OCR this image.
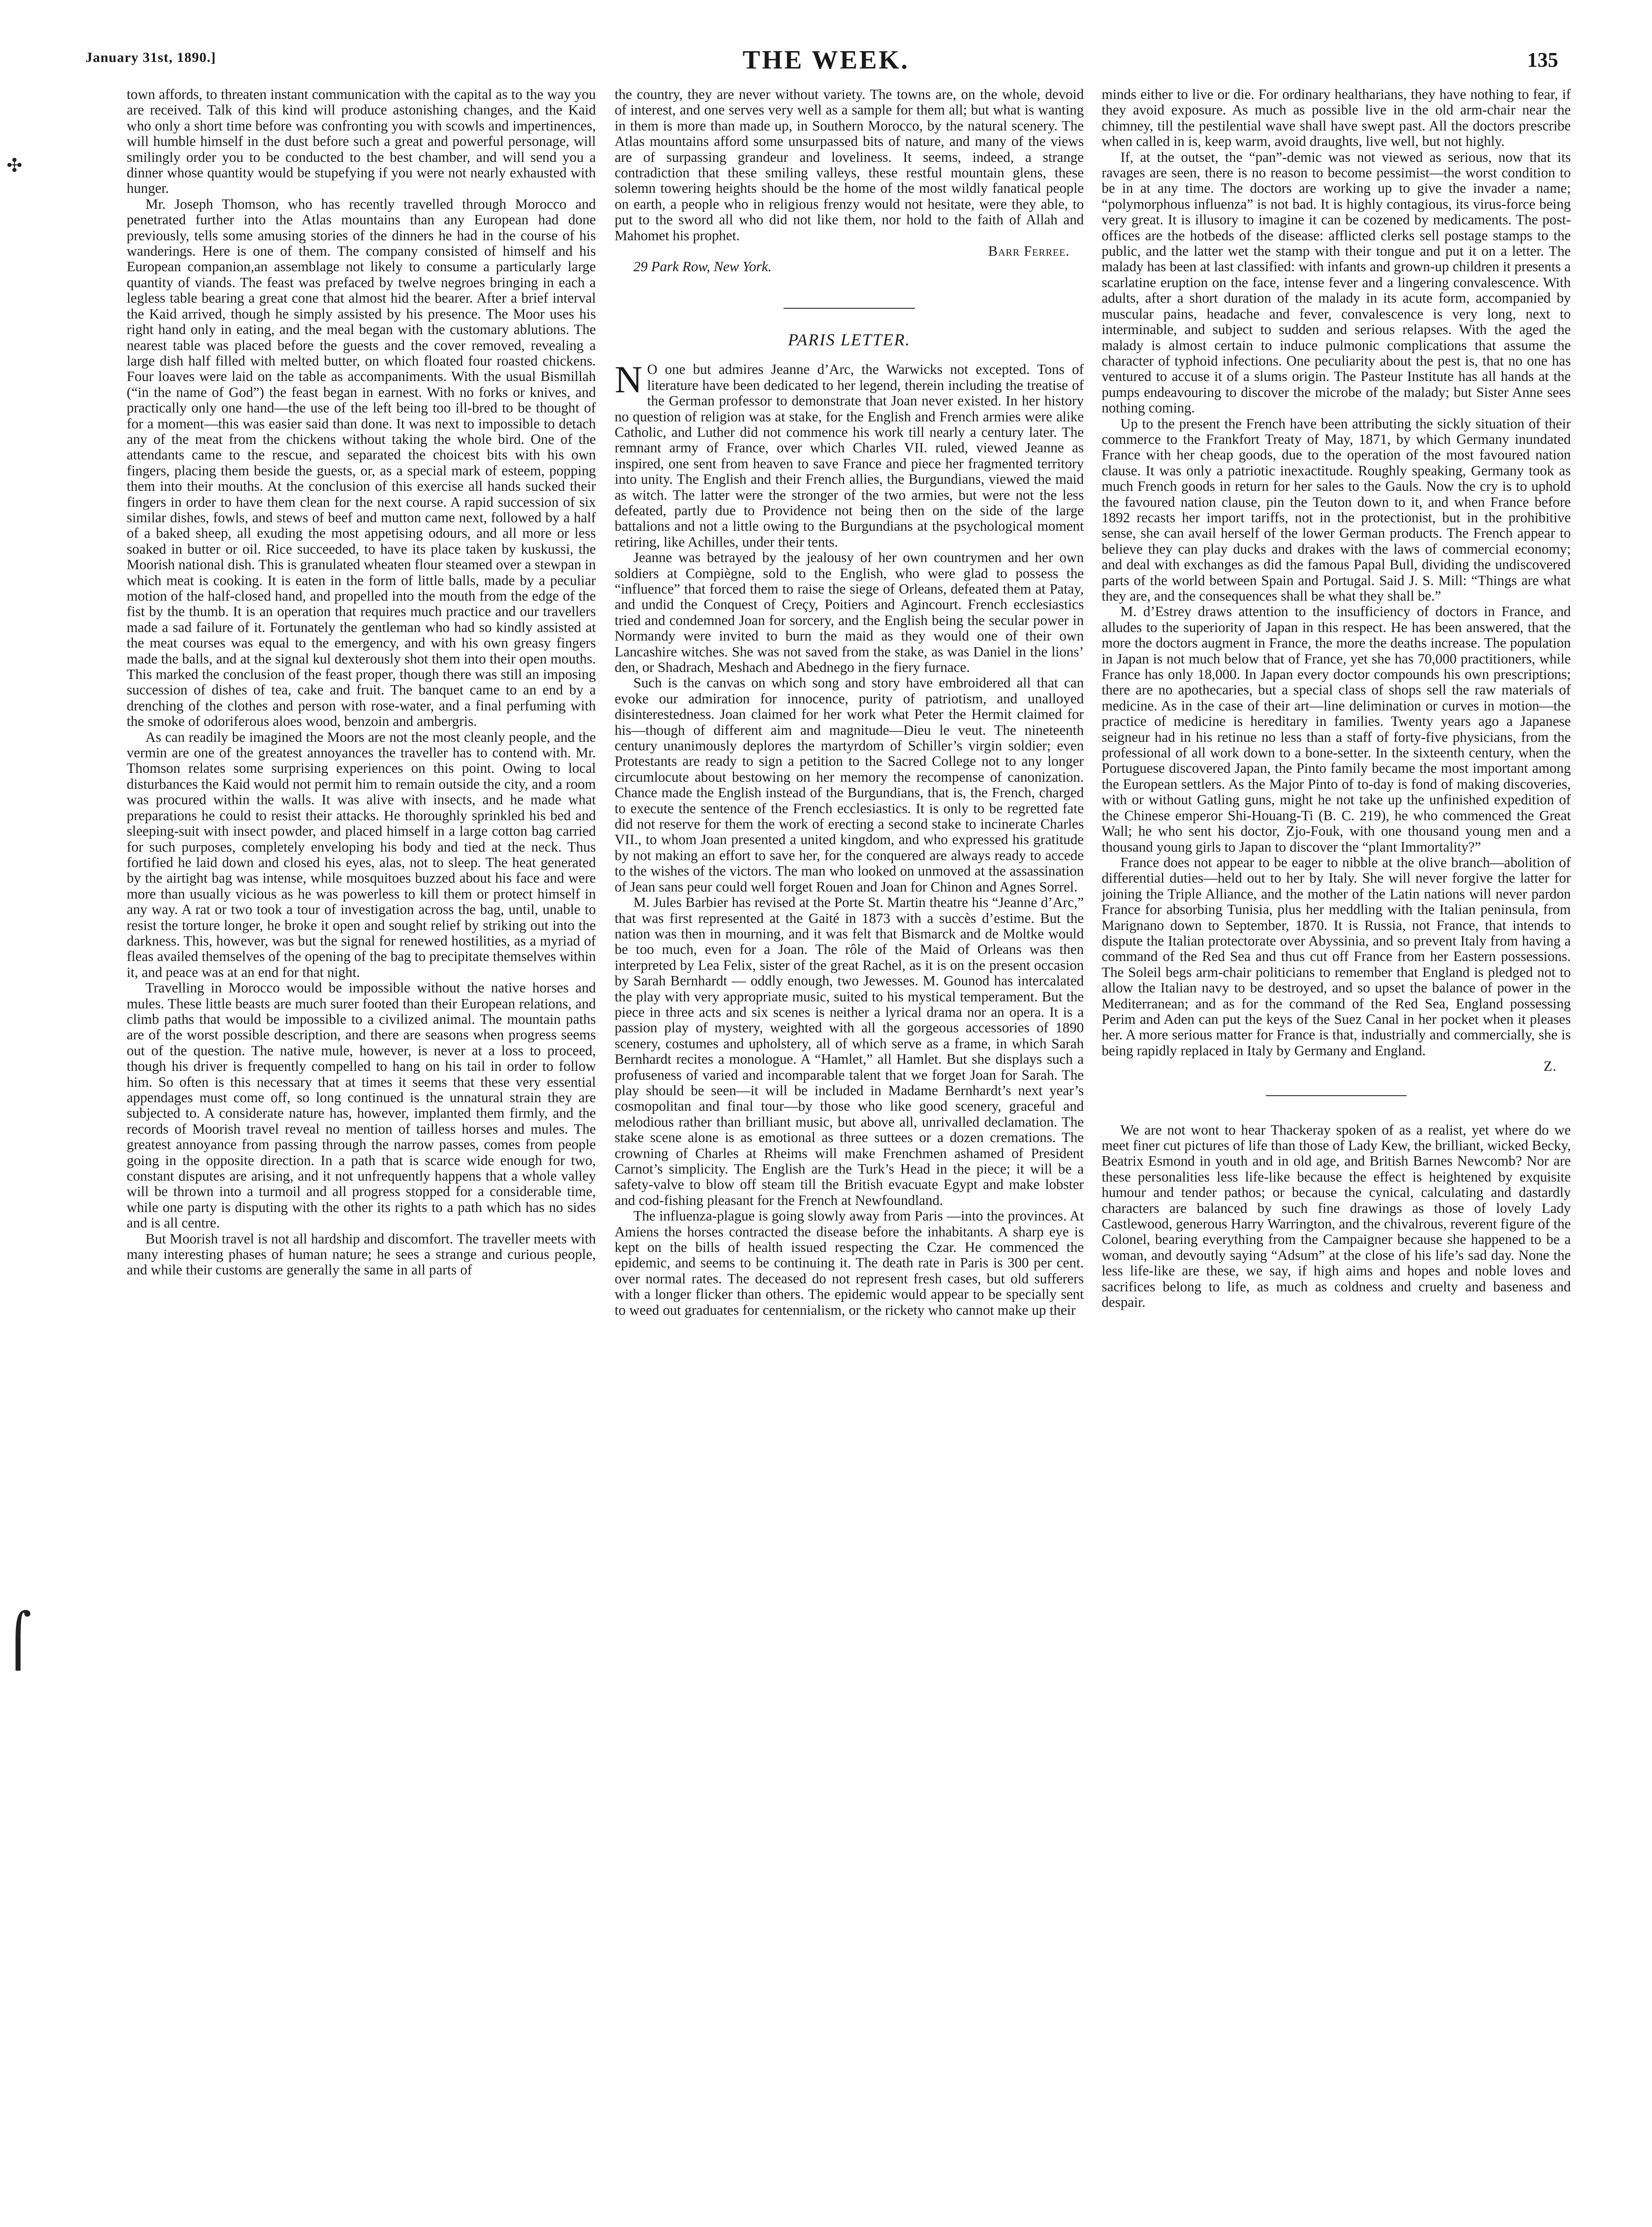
January 31st, 1890.]	THE WEEK.	135
✣
⌠

town affords, to threaten instant communication with the capital as to the way you are received. Talk of this kind will produce astonishing changes, and the Kaid who only a short time before was confronting you with scowls and impertinences, will humble himself in the dust before such a great and powerful personage, will smilingly order you to be conducted to the best chamber, and will send you a dinner whose quantity would be stupefying if you were not nearly exhausted with hunger.

Mr. Joseph Thomson, who has recently travelled through Morocco and penetrated further into the Atlas mountains than any European had done previously, tells some amusing stories of the dinners he had in the course of his wanderings. Here is one of them. The company consisted of himself and his European companion,an assemblage not likely to consume a particularly large quantity of viands. The feast was prefaced by twelve negroes bringing in each a legless table bearing a great cone that almost hid the bearer. After a brief interval the Kaid arrived, though he simply assisted by his presence. The Moor uses his right hand only in eating, and the meal began with the customary ablutions. The nearest table was placed before the guests and the cover removed, revealing a large dish half filled with melted butter, on which floated four roasted chickens. Four loaves were laid on the table as accompaniments. With the usual Bismillah (“in the name of God”) the feast began in earnest. With no forks or knives, and practically only one hand—the use of the left being too ill-bred to be thought of for a moment—this was easier said than done. It was next to impossible to detach any of the meat from the chickens without taking the whole bird. One of the attendants came to the rescue, and separated the choicest bits with his own fingers, placing them beside the guests, or, as a special mark of esteem, popping them into their mouths. At the conclusion of this exercise all hands sucked their fingers in order to have them clean for the next course. A rapid succession of six similar dishes, fowls, and stews of beef and mutton came next, followed by a half of a baked sheep, all exuding the most appetising odours, and all more or less soaked in butter or oil. Rice succeeded, to have its place taken by kuskussi, the Moorish national dish. This is granulated wheaten flour steamed over a stewpan in which meat is cooking. It is eaten in the form of little balls, made by a peculiar motion of the half-closed hand, and propelled into the mouth from the edge of the fist by the thumb. It is an operation that requires much practice and our travellers made a sad failure of it. Fortunately the gentleman who had so kindly assisted at the meat courses was equal to the emergency, and with his own greasy fingers made the balls, and at the signal kul dexterously shot them into their open mouths. This marked the conclusion of the feast proper, though there was still an imposing succession of dishes of tea, cake and fruit. The banquet came to an end by a drenching of the clothes and person with rose-water, and a final perfuming with the smoke of odoriferous aloes wood, benzoin and ambergris.

As can readily be imagined the Moors are not the most cleanly people, and the vermin are one of the greatest annoyances the traveller has to contend with. Mr. Thomson relates some surprising experiences on this point. Owing to local disturbances the Kaid would not permit him to remain outside the city, and a room was procured within the walls. It was alive with insects, and he made what preparations he could to resist their attacks. He thoroughly sprinkled his bed and sleeping-suit with insect powder, and placed himself in a large cotton bag carried for such purposes, completely enveloping his body and tied at the neck. Thus fortified he laid down and closed his eyes, alas, not to sleep. The heat generated by the airtight bag was intense, while mosquitoes buzzed about his face and were more than usually vicious as he was powerless to kill them or protect himself in any way. A rat or two took a tour of investigation across the bag, until, unable to resist the torture longer, he broke it open and sought relief by striking out into the darkness. This, however, was but the signal for renewed hostilities, as a myriad of fleas availed themselves of the opening of the bag to precipitate themselves within it, and peace was at an end for that night.

Travelling in Morocco would be impossible without the native horses and mules. These little beasts are much surer footed than their European relations, and climb paths that would be impossible to a civilized animal. The mountain paths are of the worst possible description, and there are seasons when progress seems out of the question. The native mule, however, is never at a loss to proceed, though his driver is frequently compelled to hang on his tail in order to follow him. So often is this necessary that at times it seems that these very essential appendages must come off, so long continued is the unnatural strain they are subjected to. A considerate nature has, however, implanted them firmly, and the records of Moorish travel reveal no mention of tailless horses and mules. The greatest annoyance from passing through the narrow passes, comes from people going in the opposite direction. In a path that is scarce wide enough for two, constant disputes are arising, and it not unfrequently happens that a whole valley will be thrown into a turmoil and all progress stopped for a considerable time, while one party is disputing with the other its rights to a path which has no sides and is all centre.

But Moorish travel is not all hardship and discomfort. The traveller meets with many interesting phases of human nature; he sees a strange and curious people, and while their customs are generally the same in all parts of

the country, they are never without variety. The towns are, on the whole, devoid of interest, and one serves very well as a sample for them all; but what is wanting in them is more than made up, in Southern Morocco, by the natural scenery. The Atlas mountains afford some unsurpassed bits of nature, and many of the views are of surpassing grandeur and loveliness. It seems, indeed, a strange contradiction that these smiling valleys, these restful mountain glens, these solemn towering heights should be the home of the most wildly fanatical people on earth, a people who in religious frenzy would not hesitate, were they able, to put to the sword all who did not like them, nor hold to the faith of Allah and Mahomet his prophet.

Barr Ferree.

29 Park Row, New York.

PARIS LETTER.

N O one but admires Jeanne d’Arc, the Warwicks not excepted. Tons of literature have been dedicated to her legend, therein including the treatise of the German professor to demonstrate that Joan never existed. In her history no question of religion was at stake, for the English and French armies were alike Catholic, and Luther did not commence his work till nearly a century later. The remnant army of France, over which Charles VII. ruled, viewed Jeanne as inspired, one sent from heaven to save France and piece her fragmented territory into unity. The English and their French allies, the Burgundians, viewed the maid as witch. The latter were the stronger of the two armies, but were not the less defeated, partly due to Providence not being then on the side of the large battalions and not a little owing to the Burgundians at the psychological moment retiring, like Achilles, under their tents.

Jeanne was betrayed by the jealousy of her own countrymen and her own soldiers at Compiègne, sold to the English, who were glad to possess the “influence” that forced them to raise the siege of Orleans, defeated them at Patay, and undid the Conquest of Creçy, Poitiers and Agincourt. French ecclesiastics tried and condemned Joan for sorcery, and the English being the secular power in Normandy were invited to burn the maid as they would one of their own Lancashire witches. She was not saved from the stake, as was Daniel in the lions’ den, or Shadrach, Meshach and Abednego in the fiery furnace.

Such is the canvas on which song and story have embroidered all that can evoke our admiration for innocence, purity of patriotism, and unalloyed disinterestedness. Joan claimed for her work what Peter the Hermit claimed for his—though of different aim and magnitude—Dieu le veut. The nineteenth century unanimously deplores the martyrdom of Schiller’s virgin soldier; even Protestants are ready to sign a petition to the Sacred College not to any longer circumlocute about bestowing on her memory the recompense of canonization. Chance made the English instead of the Burgundians, that is, the French, charged to execute the sentence of the French ecclesiastics. It is only to be regretted fate did not reserve for them the work of erecting a second stake to incinerate Charles VII., to whom Joan presented a united kingdom, and who expressed his gratitude by not making an effort to save her, for the conquered are always ready to accede to the wishes of the victors. The man who looked on unmoved at the assassination of Jean sans peur could well forget Rouen and Joan for Chinon and Agnes Sorrel.

M. Jules Barbier has revised at the Porte St. Martin theatre his “Jeanne d’Arc,” that was first represented at the Gaité in 1873 with a succès d’estime. But the nation was then in mourning, and it was felt that Bismarck and de Moltke would be too much, even for a Joan. The rôle of the Maid of Orleans was then interpreted by Lea Felix, sister of the great Rachel, as it is on the present occasion by Sarah Bernhardt — oddly enough, two Jewesses. M. Gounod has intercalated the play with very appropriate music, suited to his mystical temperament. But the piece in three acts and six scenes is neither a lyrical drama nor an opera. It is a passion play of mystery, weighted with all the gorgeous accessories of 1890 scenery, costumes and upholstery, all of which serve as a frame, in which Sarah Bernhardt recites a monologue. A “Hamlet,” all Hamlet. But she displays such a profuseness of varied and incomparable talent that we forget Joan for Sarah. The play should be seen—it will be included in Madame Bernhardt’s next year’s cosmopolitan and final tour—by those who like good scenery, graceful and melodious rather than brilliant music, but above all, unrivalled declamation. The stake scene alone is as emotional as three suttees or a dozen cremations. The crowning of Charles at Rheims will make Frenchmen ashamed of President Carnot’s simplicity. The English are the Turk’s Head in the piece; it will be a safety-valve to blow off steam till the British evacuate Egypt and make lobster and cod-fishing pleasant for the French at Newfoundland.

The influenza-plague is going slowly away from Paris —into the provinces. At Amiens the horses contracted the disease before the inhabitants. A sharp eye is kept on the bills of health issued respecting the Czar. He commenced the epidemic, and seems to be continuing it. The death rate in Paris is 300 per cent. over normal rates. The deceased do not represent fresh cases, but old sufferers with a longer flicker than others. The epidemic would appear to be specially sent to weed out graduates for centennialism, or the rickety who cannot make up their

minds either to live or die. For ordinary healtharians, they have nothing to fear, if they avoid exposure. As much as possible live in the old arm-chair near the chimney, till the pestilential wave shall have swept past. All the doctors prescribe when called in is, keep warm, avoid draughts, live well, but not highly.

If, at the outset, the “pan”-demic was not viewed as serious, now that its ravages are seen, there is no reason to become pessimist—the worst condition to be in at any time. The doctors are working up to give the invader a name; “polymorphous influenza” is not bad. It is highly contagious, its virus-force being very great. It is illusory to imagine it can be cozened by medicaments. The post-offices are the hotbeds of the disease: afflicted clerks sell postage stamps to the public, and the latter wet the stamp with their tongue and put it on a letter. The malady has been at last classified: with infants and grown-up children it presents a scarlatine eruption on the face, intense fever and a lingering convalescence. With adults, after a short duration of the malady in its acute form, accompanied by muscular pains, headache and fever, convalescence is very long, next to interminable, and subject to sudden and serious relapses. With the aged the malady is almost certain to induce pulmonic complications that assume the character of typhoid infections. One peculiarity about the pest is, that no one has ventured to accuse it of a slums origin. The Pasteur Institute has all hands at the pumps endeavouring to discover the microbe of the malady; but Sister Anne sees nothing coming.

Up to the present the French have been attributing the sickly situation of their commerce to the Frankfort Treaty of May, 1871, by which Germany inundated France with her cheap goods, due to the operation of the most favoured nation clause. It was only a patriotic inexactitude. Roughly speaking, Germany took as much French goods in return for her sales to the Gauls. Now the cry is to uphold the favoured nation clause, pin the Teuton down to it, and when France before 1892 recasts her import tariffs, not in the protectionist, but in the prohibitive sense, she can avail herself of the lower German products. The French appear to believe they can play ducks and drakes with the laws of commercial economy; and deal with exchanges as did the famous Papal Bull, dividing the undiscovered parts of the world between Spain and Portugal. Said J. S. Mill: “Things are what they are, and the consequences shall be what they shall be.”

M. d’Estrey draws attention to the insufficiency of doctors in France, and alludes to the superiority of Japan in this respect. He has been answered, that the more the doctors augment in France, the more the deaths increase. The population in Japan is not much below that of France, yet she has 70,000 practitioners, while France has only 18,000. In Japan every doctor compounds his own prescriptions; there are no apothecaries, but a special class of shops sell the raw materials of medicine. As in the case of their art—line delimination or curves in motion—the practice of medicine is hereditary in families. Twenty years ago a Japanese seigneur had in his retinue no less than a staff of forty-five physicians, from the professional of all work down to a bone-setter. In the sixteenth century, when the Portuguese discovered Japan, the Pinto family became the most important among the European settlers. As the Major Pinto of to-day is fond of making discoveries, with or without Gatling guns, might he not take up the unfinished expedition of the Chinese emperor Shi-Houang-Ti (B. C. 219), he who commenced the Great Wall; he who sent his doctor, Zjo-Fouk, with one thousand young men and a thousand young girls to Japan to discover the “plant Immortality?”

France does not appear to be eager to nibble at the olive branch—abolition of differential duties—held out to her by Italy. She will never forgive the latter for joining the Triple Alliance, and the mother of the Latin nations will never pardon France for absorbing Tunisia, plus her meddling with the Italian peninsula, from Marignano down to September, 1870. It is Russia, not France, that intends to dispute the Italian protectorate over Abyssinia, and so prevent Italy from having a command of the Red Sea and thus cut off France from her Eastern possessions. The Soleil begs arm-chair politicians to remember that England is pledged not to allow the Italian navy to be destroyed, and so upset the balance of power in the Mediterranean; and as for the command of the Red Sea, England possessing Perim and Aden can put the keys of the Suez Canal in her pocket when it pleases her. A more serious matter for France is that, industrially and commercially, she is being rapidly replaced in Italy by Germany and England.

Z.

We are not wont to hear Thackeray spoken of as a realist, yet where do we meet finer cut pictures of life than those of Lady Kew, the brilliant, wicked Becky, Beatrix Esmond in youth and in old age, and British Barnes Newcomb? Nor are these personalities less life-like because the effect is heightened by exquisite humour and tender pathos; or because the cynical, calculating and dastardly characters are balanced by such fine drawings as those of lovely Lady Castlewood, generous Harry Warrington, and the chivalrous, reverent figure of the Colonel, bearing everything from the Campaigner because she happened to be a woman, and devoutly saying “Adsum” at the close of his life’s sad day. None the less life-like are these, we say, if high aims and hopes and noble loves and sacrifices belong to life, as much as coldness and cruelty and baseness and despair.
